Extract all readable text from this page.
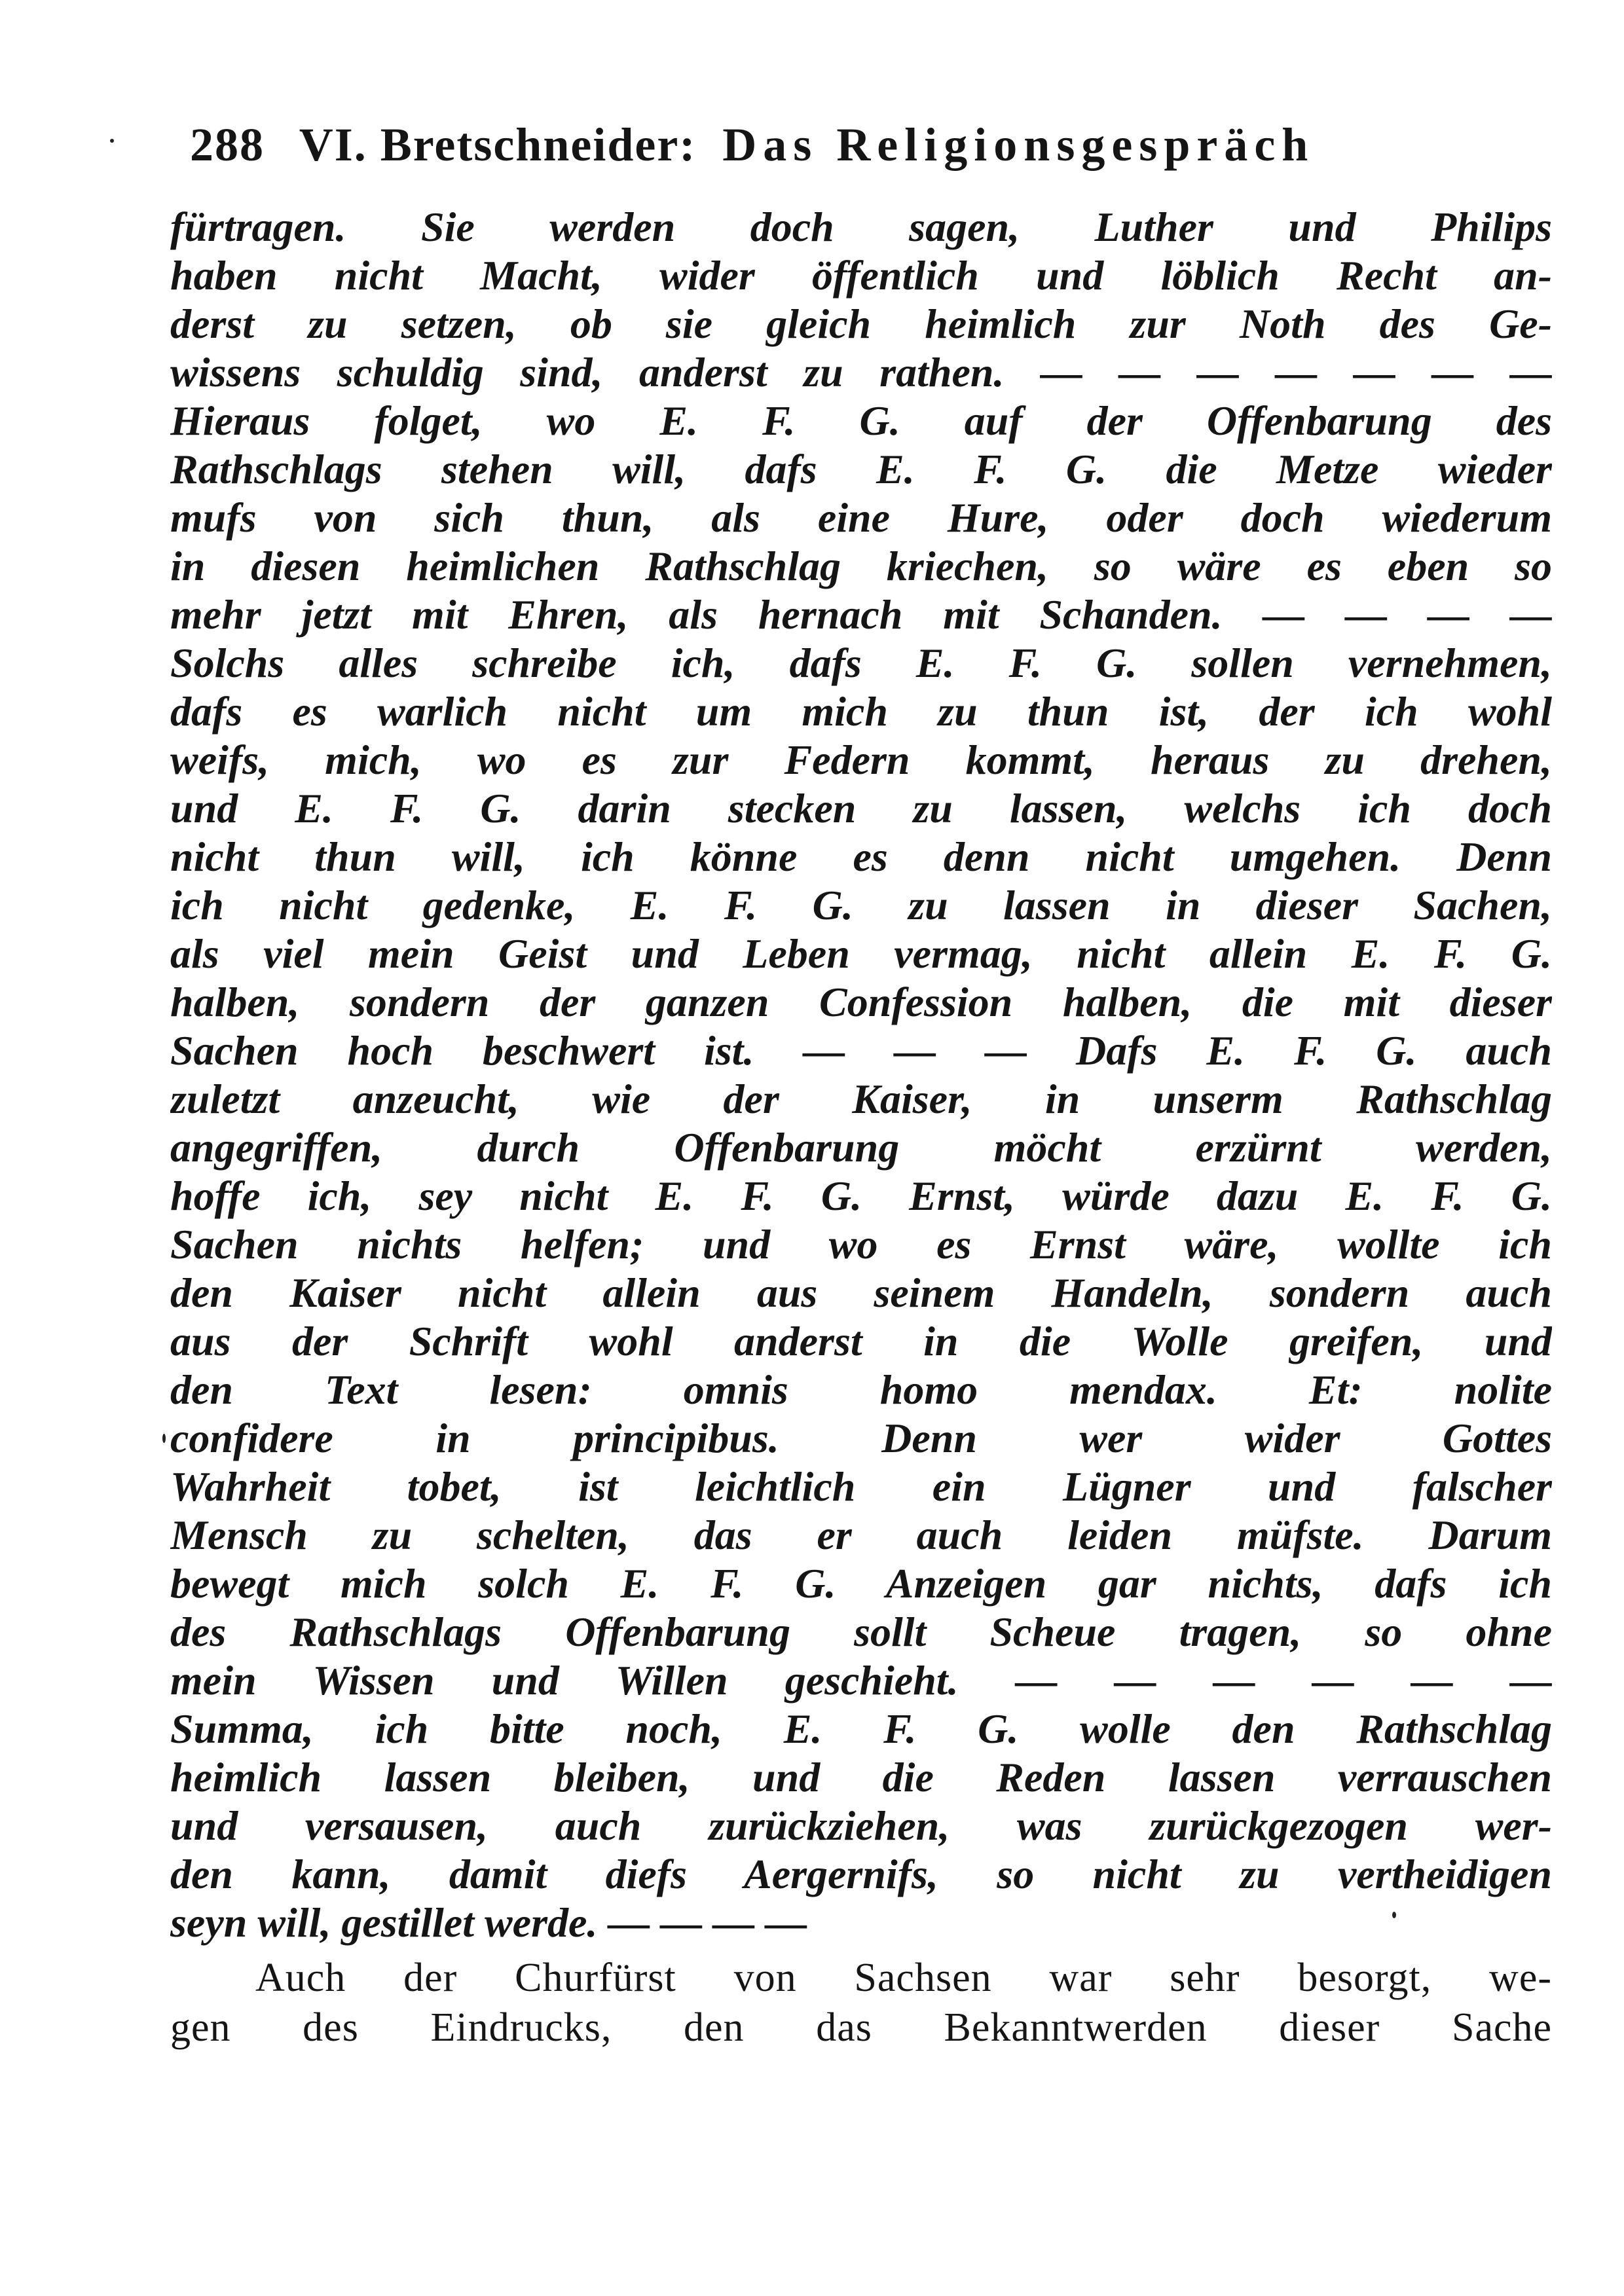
288 VI. Bretschneider: Das Religionsgespräch
fürtragen. Sie werden doch sagen, Luther und Philips
haben nicht Macht, wider öffentlich und löblich Recht an-
derst zu setzen, ob sie gleich heimlich zur Noth des Ge-
wissens schuldig sind, anderst zu rathen. — — — — — — —
Hieraus folget, wo E. F. G. auf der Offenbarung des
Rathschlags stehen will, dafs E. F. G. die Metze wieder
mufs von sich thun, als eine Hure, oder doch wiederum
in diesen heimlichen Rathschlag kriechen, so wäre es eben so
mehr jetzt mit Ehren, als hernach mit Schanden. — — — —
Solchs alles schreibe ich, dafs E. F. G. sollen vernehmen,
dafs es warlich nicht um mich zu thun ist, der ich wohl
weifs, mich, wo es zur Federn kommt, heraus zu drehen,
und E. F. G. darin stecken zu lassen, welchs ich doch
nicht thun will, ich könne es denn nicht umgehen. Denn
ich nicht gedenke, E. F. G. zu lassen in dieser Sachen,
als viel mein Geist und Leben vermag, nicht allein E. F. G.
halben, sondern der ganzen Confession halben, die mit dieser
Sachen hoch beschwert ist. — — — Dafs E. F. G. auch
zuletzt anzeucht, wie der Kaiser, in unserm Rathschlag
angegriffen, durch Offenbarung möcht erzürnt werden,
hoffe ich, sey nicht E. F. G. Ernst, würde dazu E. F. G.
Sachen nichts helfen; und wo es Ernst wäre, wollte ich
den Kaiser nicht allein aus seinem Handeln, sondern auch
aus der Schrift wohl anderst in die Wolle greifen, und
den Text lesen: omnis homo mendax. Et: nolite
confidere in principibus. Denn wer wider Gottes
Wahrheit tobet, ist leichtlich ein Lügner und falscher
Mensch zu schelten, das er auch leiden müfste. Darum
bewegt mich solch E. F. G. Anzeigen gar nichts, dafs ich
des Rathschlags Offenbarung sollt Scheue tragen, so ohne
mein Wissen und Willen geschieht. — — — — — —
Summa, ich bitte noch, E. F. G. wolle den Rathschlag
heimlich lassen bleiben, und die Reden lassen verrauschen
und versausen, auch zurückziehen, was zurückgezogen wer-
den kann, damit diefs Aergernifs, so nicht zu vertheidigen
seyn will, gestillet werde. — — — —
Auch der Churfürst von Sachsen war sehr besorgt, we-
gen des Eindrucks, den das Bekanntwerden dieser Sache
